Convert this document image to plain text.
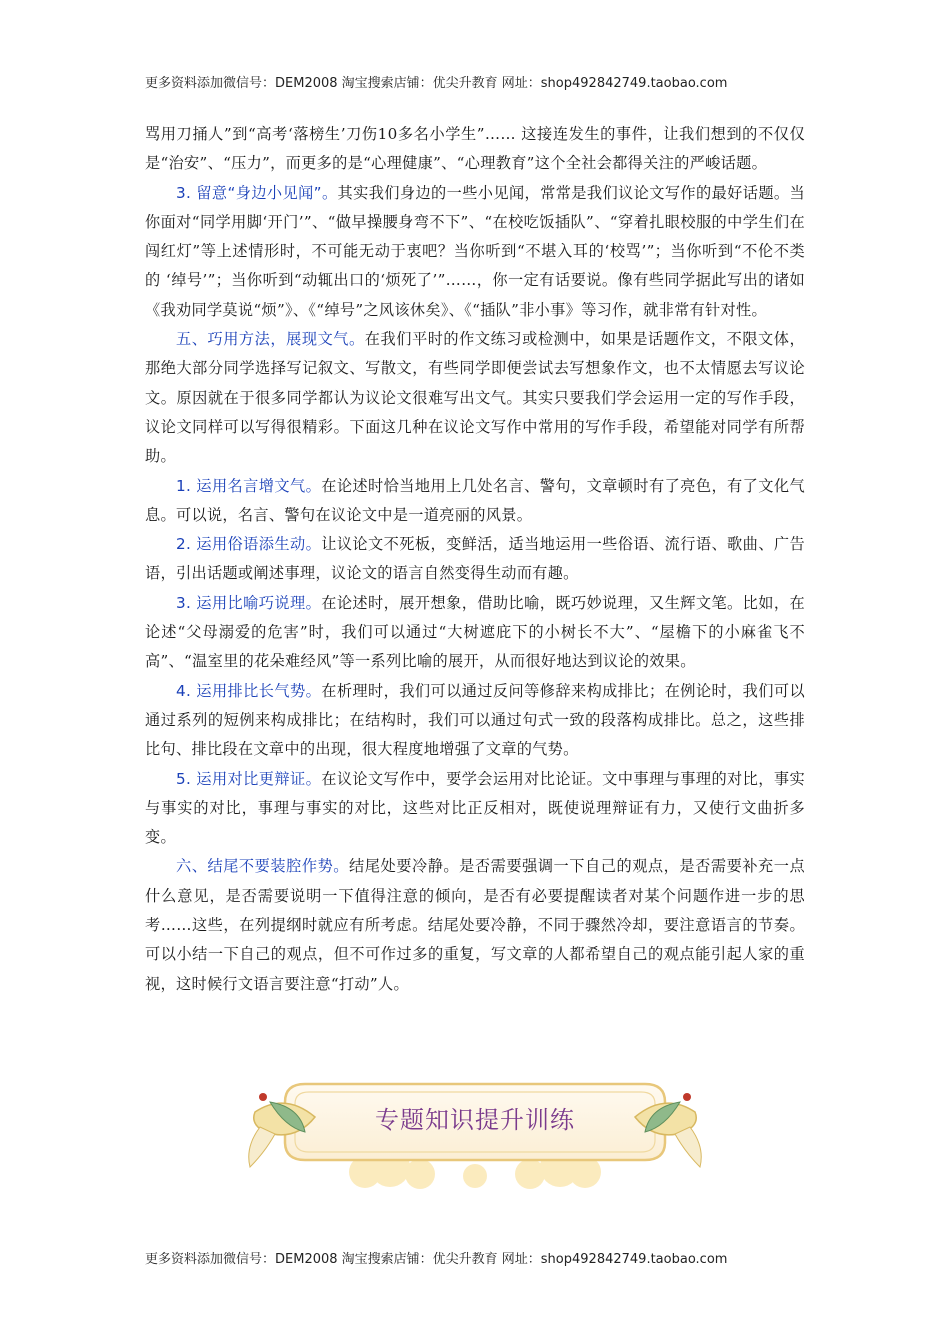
更多资料添加微信号：DEM2008 淘宝搜索店铺：优尖升教育 网址：shop492842749.taobao.com

骂用刀捅人”到“高考‘落榜生’刀伤10多名小学生”…… 这接连发生的事件，让我们想到的不仅仅是“治安”、“压力”，而更多的是“心理健康”、“心理教育”这个全社会都得关注的严峻话题。

3. 留意“身边小见闻”。其实我们身边的一些小见闻，常常是我们议论文写作的最好话题。当你面对“同学用脚‘开门’”、“做早操腰身弯不下”、“在校吃饭插队”、“穿着扎眼校服的中学生们在闯红灯”等上述情形时，不可能无动于衷吧？当你听到“不堪入耳的‘校骂’”；当你听到“不伦不类的 ‘绰号’”；当你听到“动辄出口的‘烦死了’”……，你一定有话要说。像有些同学据此写出的诸如《我劝同学莫说“烦”》、《“绰号”之风该休矣》、《“插队”非小事》等习作，就非常有针对性。

五、巧用方法，展现文气。在我们平时的作文练习或检测中，如果是话题作文，不限文体，那绝大部分同学选择写记叙文、写散文，有些同学即便尝试去写想象作文，也不太情愿去写议论文。原因就在于很多同学都认为议论文很难写出文气。其实只要我们学会运用一定的写作手段，议论文同样可以写得很精彩。下面这几种在议论文写作中常用的写作手段，希望能对同学有所帮助。

1. 运用名言增文气。在论述时恰当地用上几处名言、警句，文章顿时有了亮色，有了文化气息。可以说，名言、警句在议论文中是一道亮丽的风景。

2. 运用俗语添生动。让议论文不死板，变鲜活，适当地运用一些俗语、流行语、歌曲、广告语，引出话题或阐述事理，议论文的语言自然变得生动而有趣。

3. 运用比喻巧说理。在论述时，展开想象，借助比喻，既巧妙说理，又生辉文笔。比如，在论述“父母溺爱的危害”时，我们可以通过“大树遮庇下的小树长不大”、“屋檐下的小麻雀飞不高”、“温室里的花朵难经风”等一系列比喻的展开，从而很好地达到议论的效果。

4. 运用排比长气势。在析理时，我们可以通过反问等修辞来构成排比；在例论时，我们可以通过系列的短例来构成排比；在结构时，我们可以通过句式一致的段落构成排比。总之，这些排比句、排比段在文章中的出现，很大程度地增强了文章的气势。

5. 运用对比更辩证。在议论文写作中，要学会运用对比论证。文中事理与事理的对比，事实与事实的对比，事理与事实的对比，这些对比正反相对，既使说理辩证有力，又使行文曲折多变。

六、结尾不要装腔作势。结尾处要冷静。是否需要强调一下自己的观点，是否需要补充一点什么意见，是否需要说明一下值得注意的倾向，是否有必要提醒读者对某个问题作进一步的思考……这些，在列提纲时就应有所考虑。结尾处要冷静，不同于骤然冷却，要注意语言的节奏。可以小结一下自己的观点，但不可作过多的重复，写文章的人都希望自己的观点能引起人家的重视，这时候行文语言要注意“打动”人。

专题知识提升训练
更多资料添加微信号：DEM2008 淘宝搜索店铺：优尖升教育 网址：shop492842749.taobao.com
